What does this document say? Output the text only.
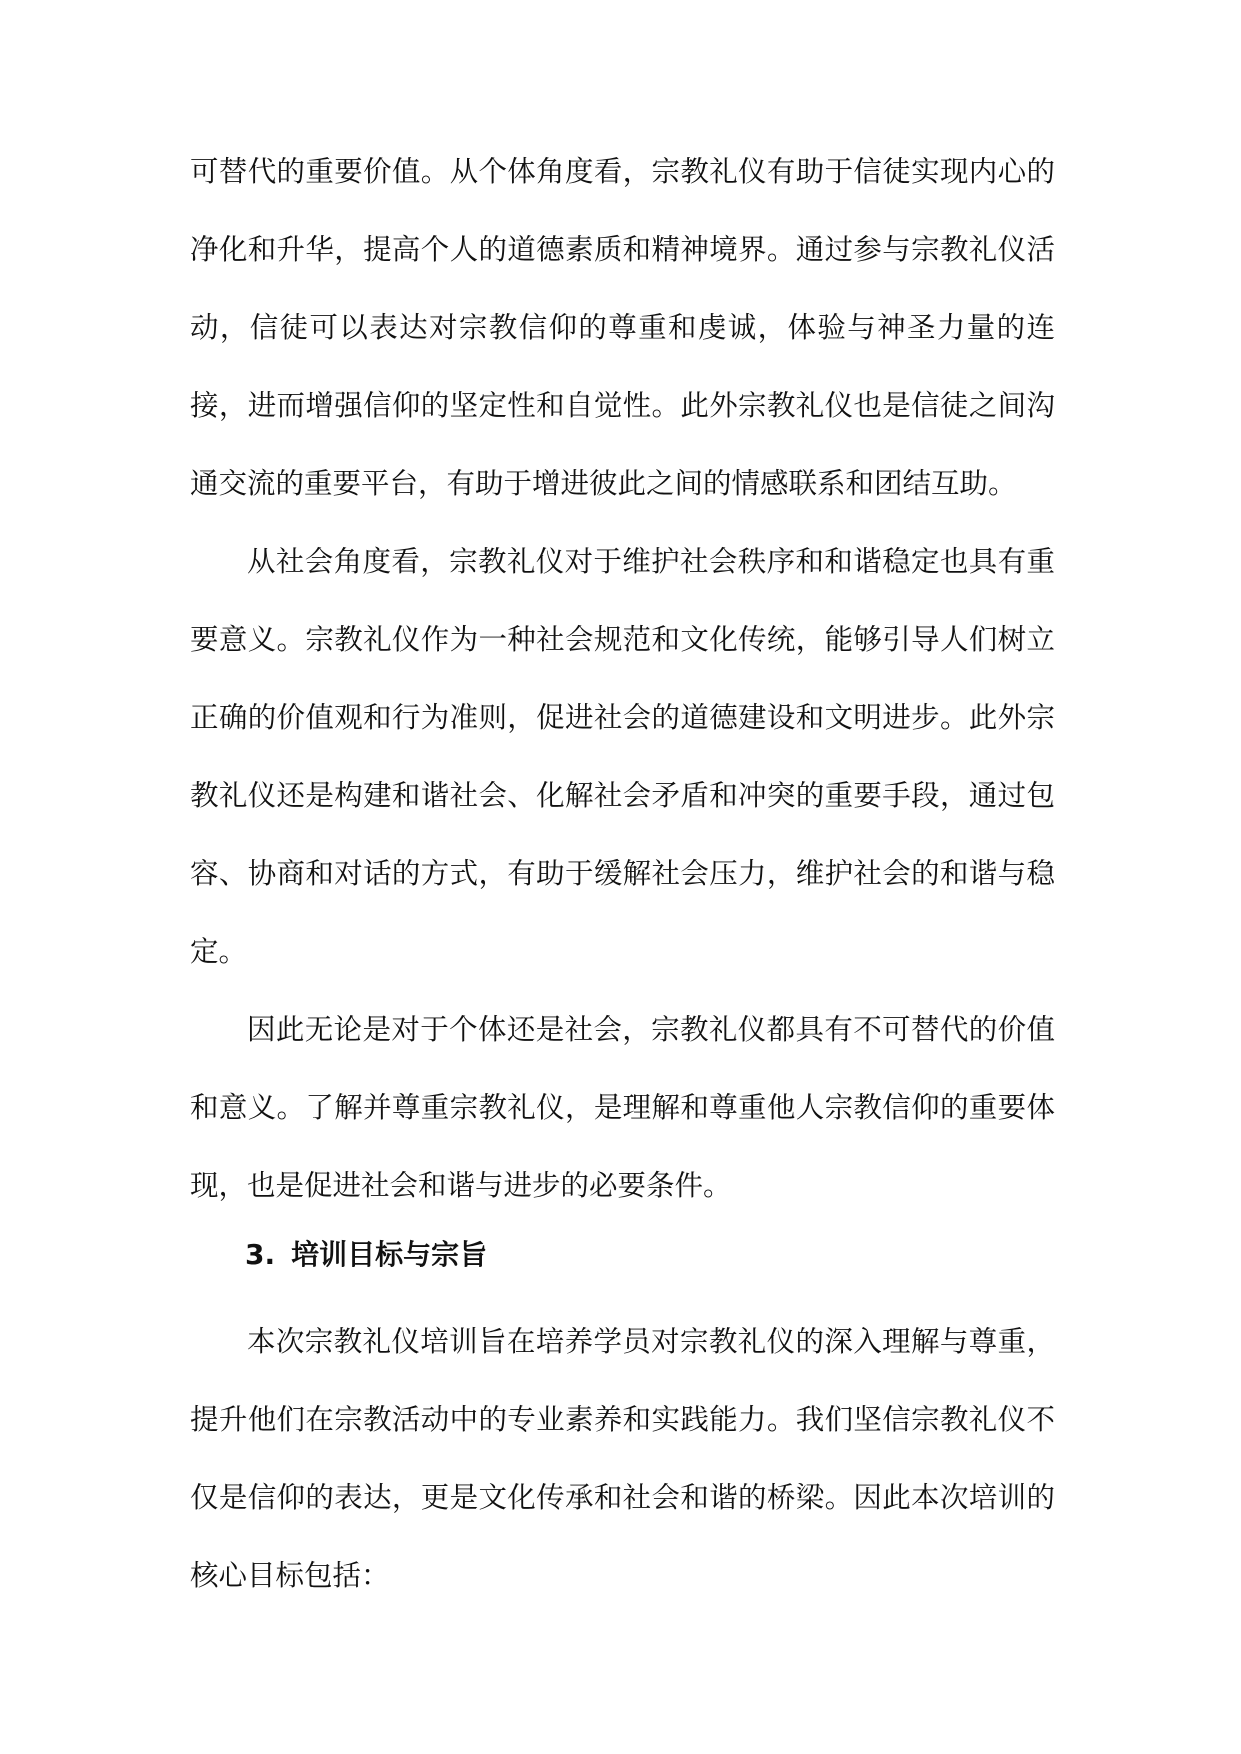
可替代的重要价值。从个体角度看，宗教礼仪有助于信徒实现内心的净化和升华，提高个人的道德素质和精神境界。通过参与宗教礼仪活动，信徒可以表达对宗教信仰的尊重和虔诚，体验与神圣力量的连接，进而增强信仰的坚定性和自觉性。此外宗教礼仪也是信徒之间沟通交流的重要平台，有助于增进彼此之间的情感联系和团结互助。

从社会角度看，宗教礼仪对于维护社会秩序和和谐稳定也具有重要意义。宗教礼仪作为一种社会规范和文化传统，能够引导人们树立正确的价值观和行为准则，促进社会的道德建设和文明进步。此外宗教礼仪还是构建和谐社会、化解社会矛盾和冲突的重要手段，通过包容、协商和对话的方式，有助于缓解社会压力，维护社会的和谐与稳定。

因此无论是对于个体还是社会，宗教礼仪都具有不可替代的价值和意义。了解并尊重宗教礼仪，是理解和尊重他人宗教信仰的重要体现，也是促进社会和谐与进步的必要条件。

3. 培训目标与宗旨

本次宗教礼仪培训旨在培养学员对宗教礼仪的深入理解与尊重，提升他们在宗教活动中的专业素养和实践能力。我们坚信宗教礼仪不仅是信仰的表达，更是文化传承和社会和谐的桥梁。因此本次培训的核心目标包括：
